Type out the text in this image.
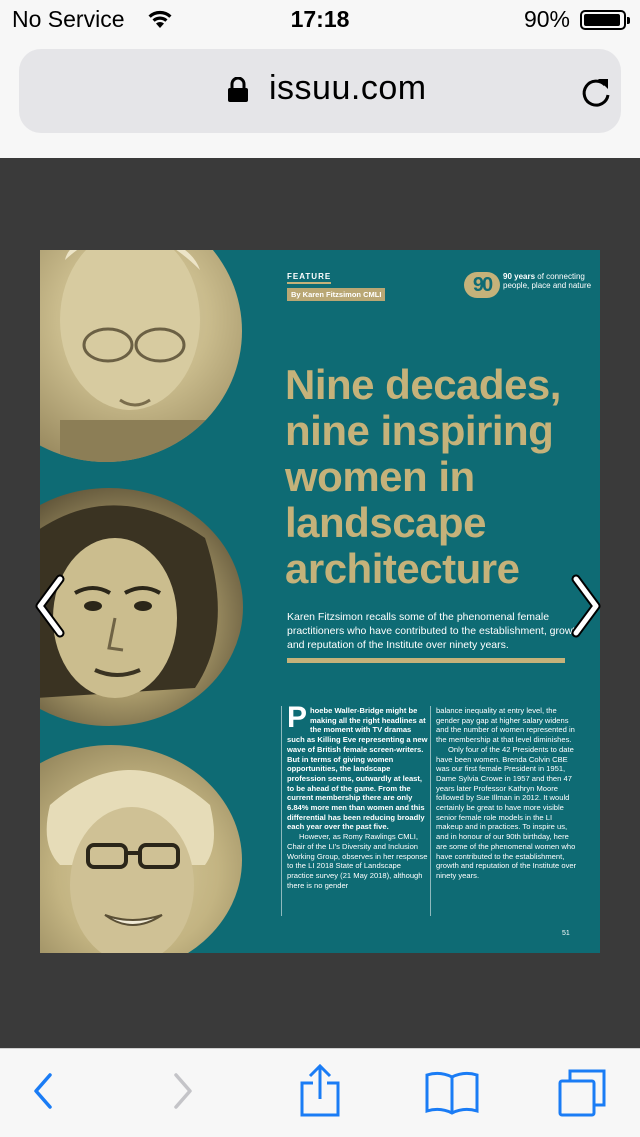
No Service	17:18	90%
issuu.com
FEATURE
By Karen Fitzsimon CMLI	90	90 years of connecting people, place and nature
Nine decades,
nine inspiring
women in
landscape
architecture
Karen Fitzsimon recalls some of the phenomenal female practitioners who have contributed to the establishment, growth and reputation of the Institute over ninety years.
P hoebe Waller-Bridge might be making all the right headlines at the moment with TV dramas such as Killing Eve representing a new wave of British female screen-writers. But in terms of giving women opportunities, the landscape profession seems, outwardly at least, to be ahead of the game. From the current membership there are only 6.84% more men than women and this differential has been reducing broadly each year over the past five.

However, as Romy Rawlings CMLI, Chair of the LI's Diversity and Inclusion Working Group, observes in her response to the LI 2018 State of Landscape practice survey (21 May 2018), although there is no gender

balance inequality at entry level, the gender pay gap at higher salary widens and the number of women represented in the membership at that level diminishes.

Only four of the 42 Presidents to date have been women. Brenda Colvin CBE was our first female President in 1951, Dame Sylvia Crowe in 1957 and then 47 years later Professor Kathryn Moore followed by Sue Illman in 2012. It would certainly be great to have more visible senior female role models in the LI makeup and in practices. To inspire us, and in honour of our 90th birthday, here are some of the phenomenal women who have contributed to the establishment, growth and reputation of the Institute over ninety years.

51
